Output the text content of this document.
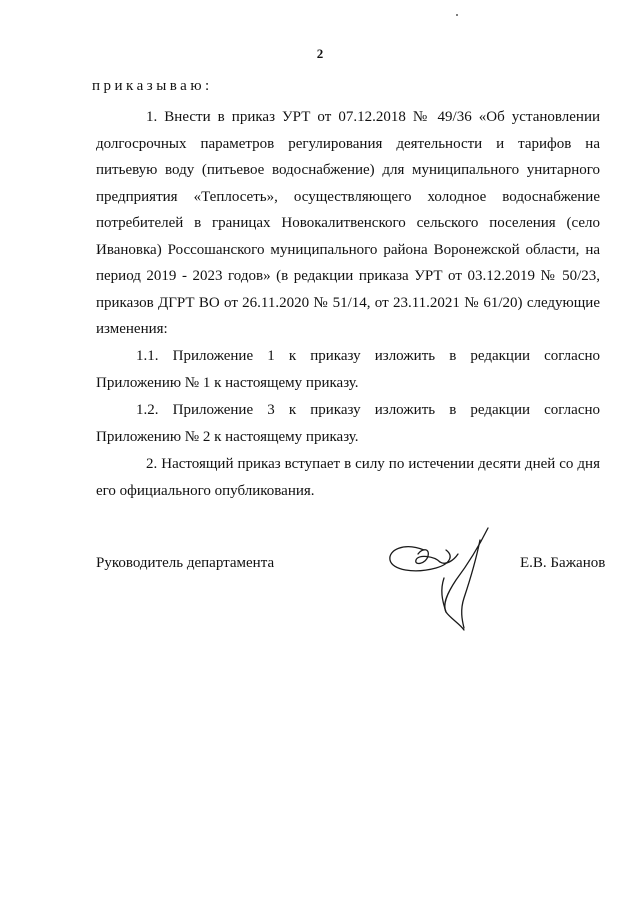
2
приказываю:
1. Внести в приказ УРТ от 07.12.2018 № 49/36 «Об установлении долгосрочных параметров регулирования деятельности и тарифов на питьевую воду (питьевое водоснабжение) для муниципального унитарного предприятия «Теплосеть», осуществляющего холодное водоснабжение потребителей в границах Новокалитвенского сельского поселения (село Ивановка) Россошанского муниципального района Воронежской области, на период 2019 - 2023 годов» (в редакции приказа УРТ от 03.12.2019 № 50/23, приказов ДГРТ ВО от 26.11.2020 № 51/14, от 23.11.2021 № 61/20) следующие изменения:
1.1. Приложение 1 к приказу изложить в редакции согласно Приложению № 1 к настоящему приказу.
1.2. Приложение 3 к приказу изложить в редакции согласно Приложению № 2 к настоящему приказу.
2. Настоящий приказ вступает в силу по истечении десяти дней со дня его официального опубликования.
Руководитель департамента	Е.В. Бажанов
